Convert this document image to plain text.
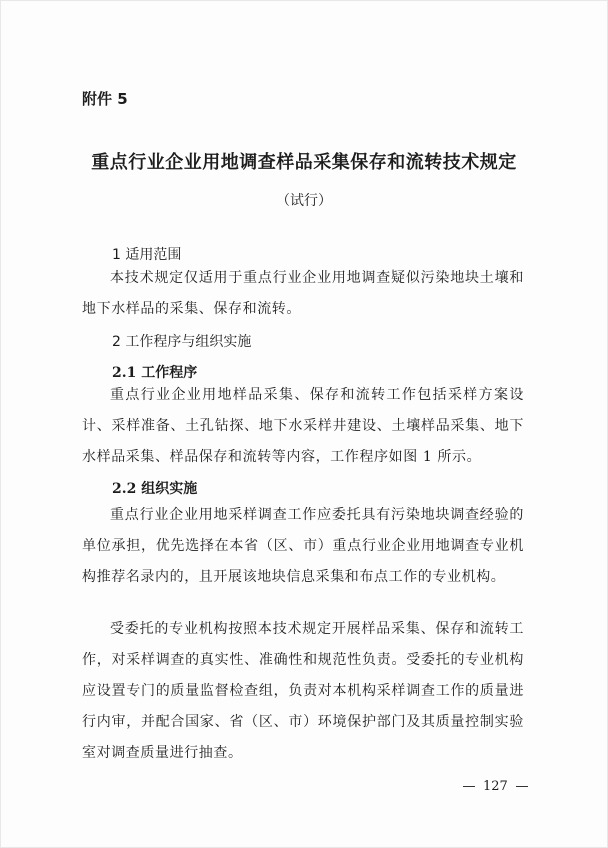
附件 5
重点行业企业用地调查样品采集保存和流转技术规定
（试行）
1 适用范围
本技术规定仅适用于重点行业企业用地调查疑似污染地块土壤和地下水样品的采集、保存和流转。
2 工作程序与组织实施
2.1 工作程序
重点行业企业用地样品采集、保存和流转工作包括采样方案设计、采样准备、土孔钻探、地下水采样井建设、土壤样品采集、地下水样品采集、样品保存和流转等内容，工作程序如图 1 所示。
2.2 组织实施
重点行业企业用地采样调查工作应委托具有污染地块调查经验的单位承担，优先选择在本省（区、市）重点行业企业用地调查专业机构推荐名录内的，且开展该地块信息采集和布点工作的专业机构。
受委托的专业机构按照本技术规定开展样品采集、保存和流转工作，对采样调查的真实性、准确性和规范性负责。受委托的专业机构应设置专门的质量监督检查组，负责对本机构采样调查工作的质量进行内审，并配合国家、省（区、市）环境保护部门及其质量控制实验室对调查质量进行抽查。
127
